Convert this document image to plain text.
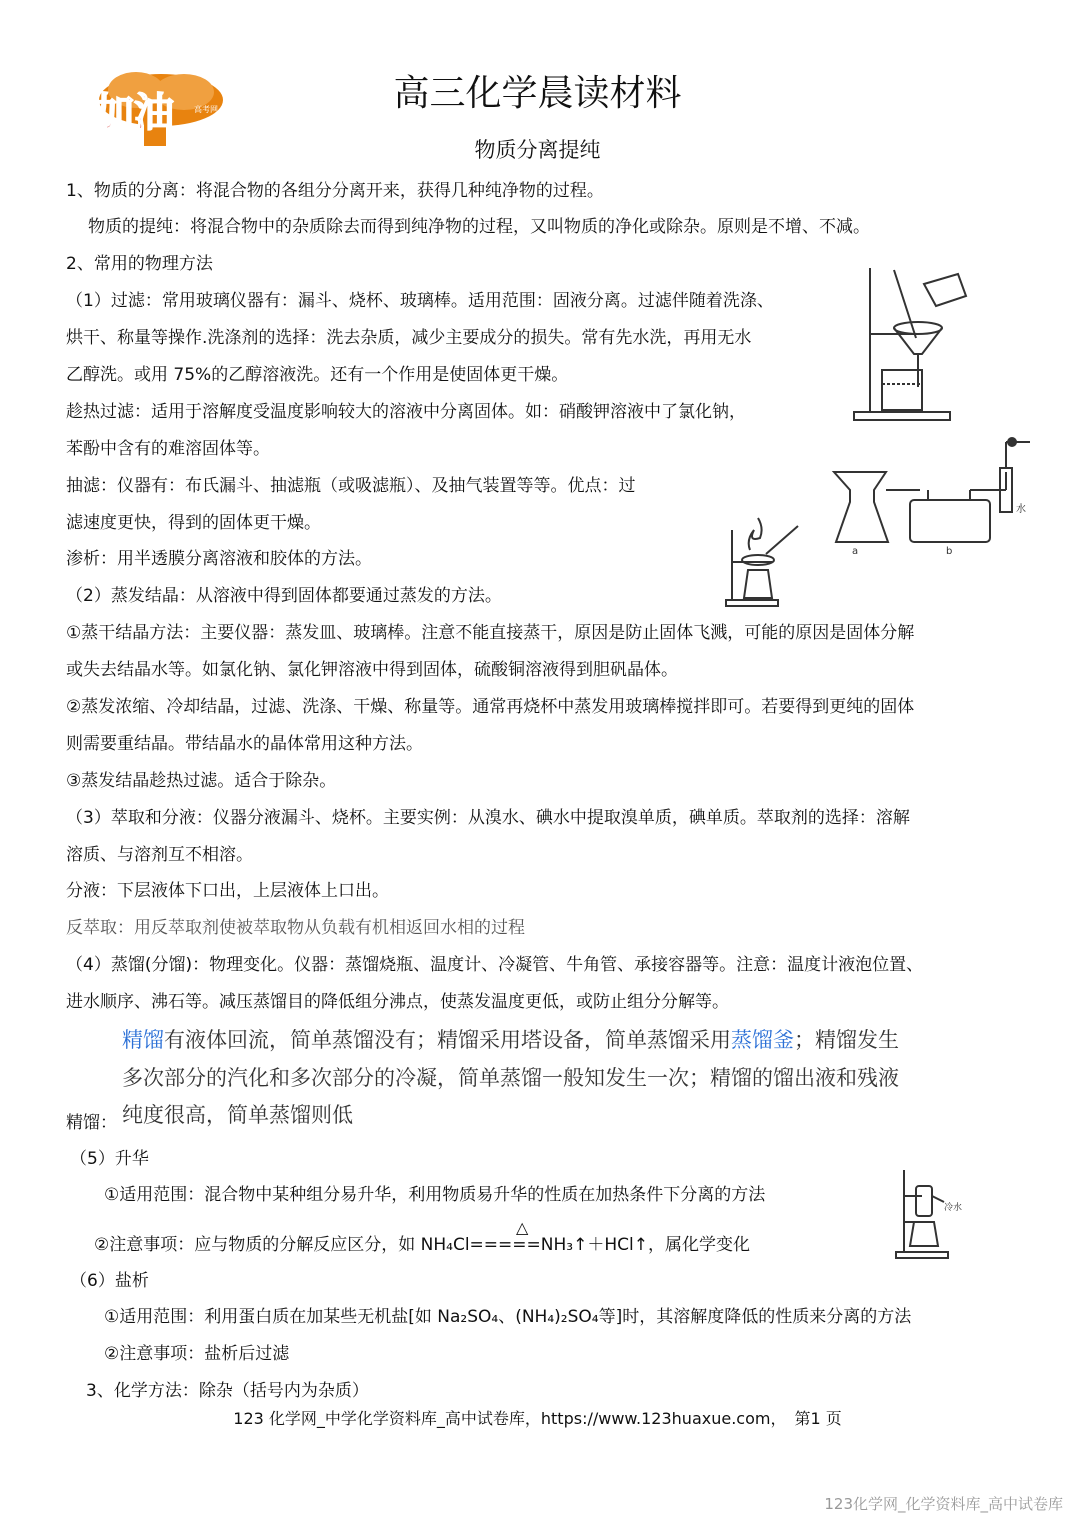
加油	高考网	高三化学晨读材料
物质分离提纯
1、物质的分离：将混合物的各组分分离开来，获得几种纯净物的过程。
物质的提纯：将混合物中的杂质除去而得到纯净物的过程，又叫物质的净化或除杂。原则是不增、不减。
2、常用的物理方法
（1）过滤：常用玻璃仪器有：漏斗、烧杯、玻璃棒。适用范围：固液分离。过滤伴随着洗涤、
烘干、称量等操作.洗涤剂的选择：洗去杂质，减少主要成分的损失。常有先水洗，再用无水
乙醇洗。或用 75%的乙醇溶液洗。还有一个作用是使固体更干燥。
趁热过滤：适用于溶解度受温度影响较大的溶液中分离固体。如：硝酸钾溶液中了氯化钠，
苯酚中含有的难溶固体等。
抽滤：仪器有：布氏漏斗、抽滤瓶（或吸滤瓶）、及抽气装置等等。优点：过
滤速度更快，得到的固体更干燥。
渗析：用半透膜分离溶液和胶体的方法。
（2）蒸发结晶：从溶液中得到固体都要通过蒸发的方法。
①蒸干结晶方法：主要仪器：蒸发皿、玻璃棒。注意不能直接蒸干，原因是防止固体飞溅，可能的原因是固体分解
或失去结晶水等。如氯化钠、氯化钾溶液中得到固体，硫酸铜溶液得到胆矾晶体。
②蒸发浓缩、冷却结晶，过滤、洗涤、干燥、称量等。通常再烧杯中蒸发用玻璃棒搅拌即可。若要得到更纯的固体
则需要重结晶。带结晶水的晶体常用这种方法。
③蒸发结晶趁热过滤。适合于除杂。
（3）萃取和分液：仪器分液漏斗、烧杯。主要实例：从溴水、碘水中提取溴单质，碘单质。萃取剂的选择：溶解
溶质、与溶剂互不相溶。
分液：下层液体下口出，上层液体上口出。
反萃取：用反萃取剂使被萃取物从负载有机相返回水相的过程
（4）蒸馏(分馏)：物理变化。仪器：蒸馏烧瓶、温度计、冷凝管、牛角管、承接容器等。注意：温度计液泡位置、
进水顺序、沸石等。减压蒸馏目的降低组分沸点，使蒸发温度更低，或防止组分分解等。
精馏有液体回流，简单蒸馏没有；精馏采用塔设备，简单蒸馏采用蒸馏釜；精馏发生
多次部分的汽化和多次部分的冷凝，简单蒸馏一般知发生一次；精馏的馏出液和残液
纯度很高，简单蒸馏则低
精馏：
（5）升华
①适用范围：混合物中某种组分易升华，利用物质易升华的性质在加热条件下分离的方法
△
②注意事项：应与物质的分解反应区分，如 NH₄Cl=====NH₃↑＋HCl↑，属化学变化
（6）盐析
①适用范围：利用蛋白质在加某些无机盐[如 Na₂SO₄、(NH₄)₂SO₄等]时，其溶解度降低的性质来分离的方法
②注意事项：盐析后过滤
3、化学方法：除杂（括号内为杂质）
a	b
水
冷水
123 化学网_中学化学资料库_高中试卷库，https://www.123huaxue.com，　第1 页
123化学网_化学资料库_高中试卷库
